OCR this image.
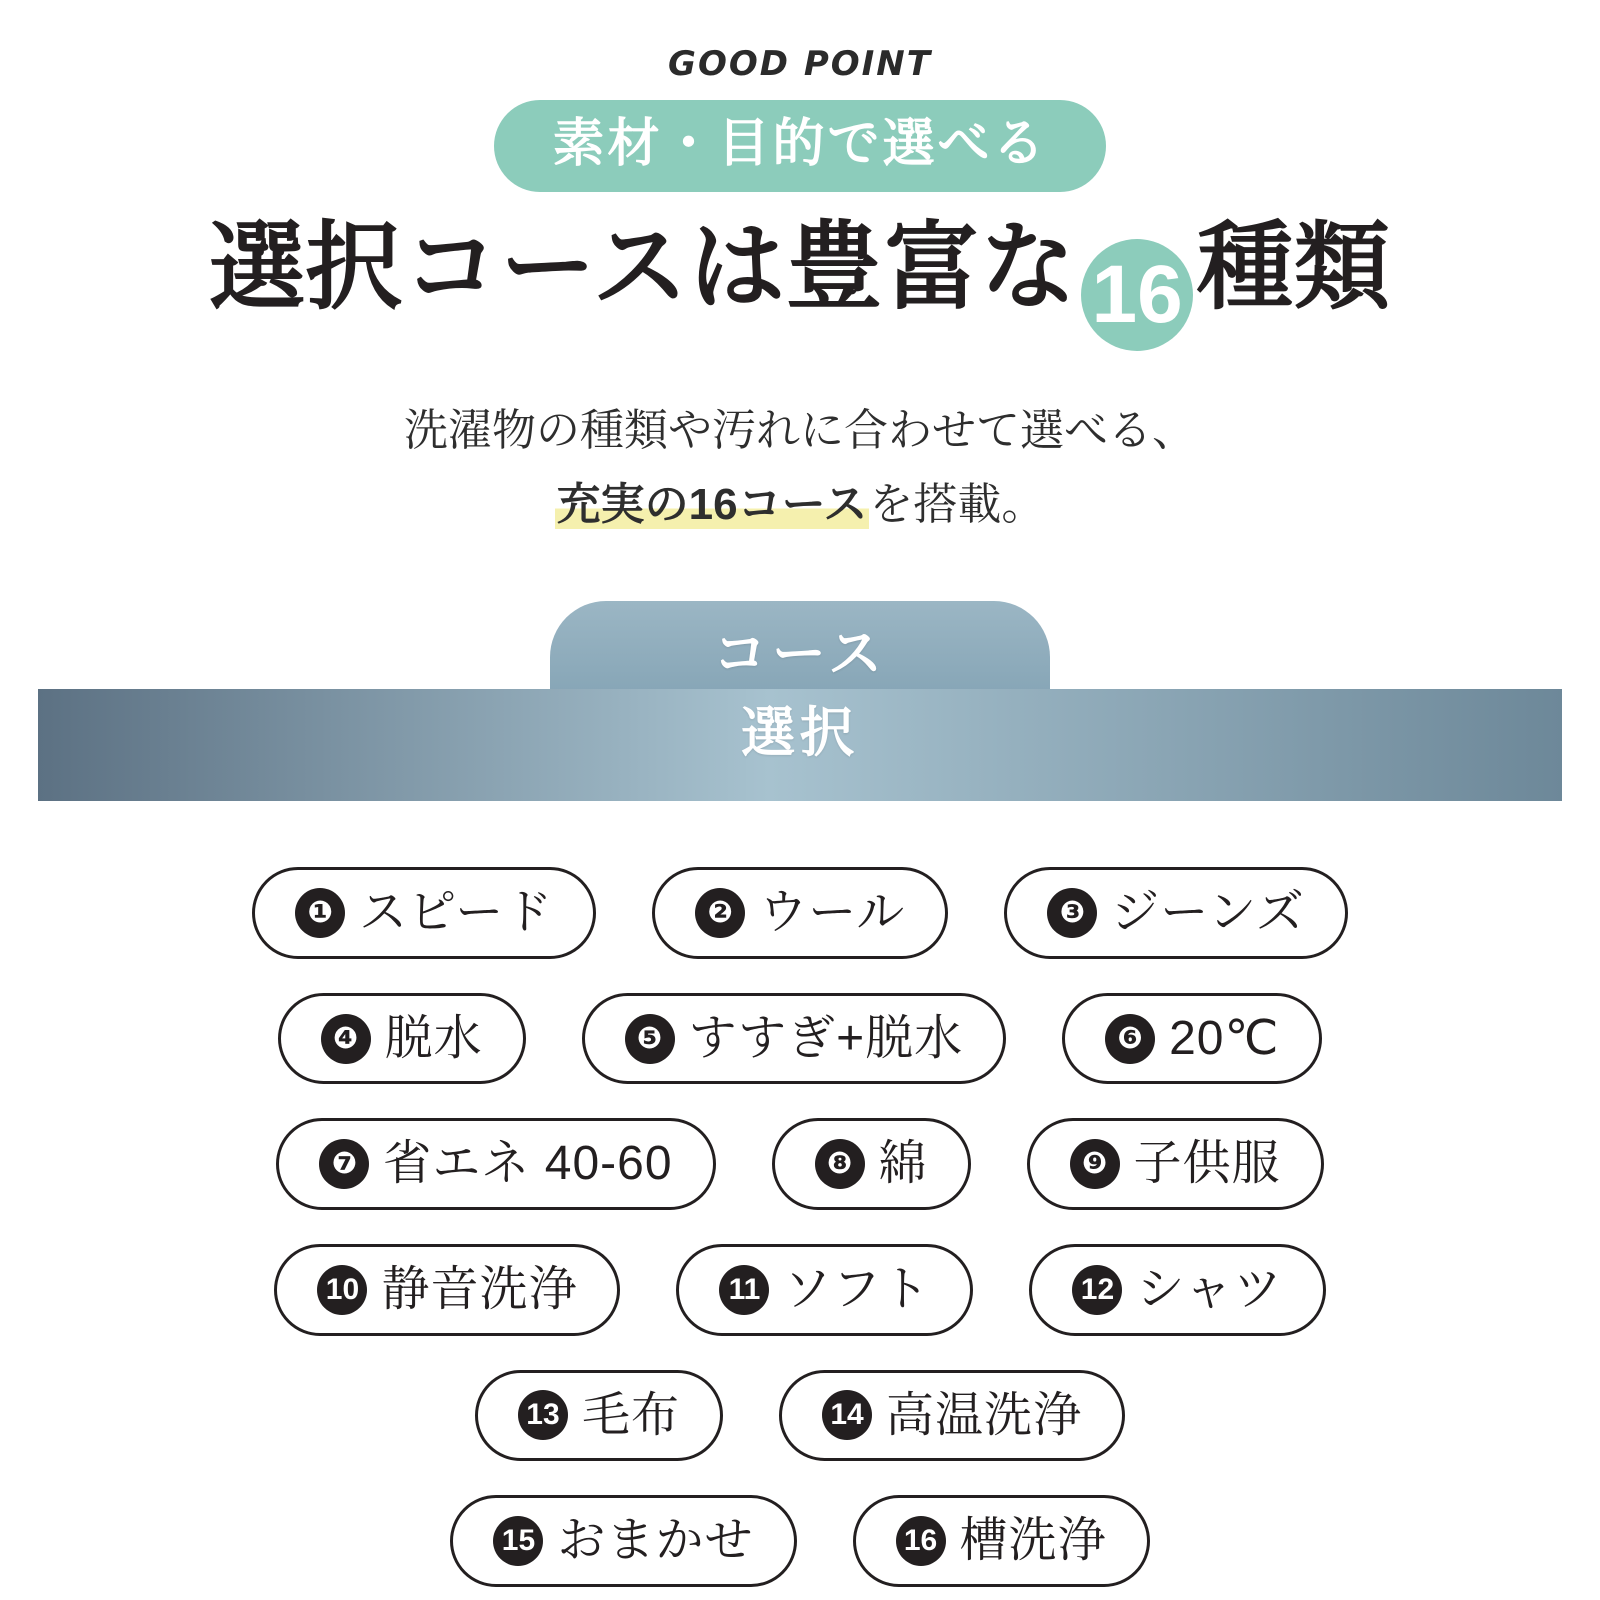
GOOD POINT
素材・目的で選べる
選択コースは豊富な 16 種類
洗濯物の種類や汚れに合わせて選べる、
充実の16コースを搭載。
コース
選択
❶ スピード	❷ ウール	❸ ジーンズ
❹ 脱水	❺ すすぎ+脱水	❻ 20℃
❼ 省エネ 40-60	❽ 綿	❾ 子供服
10 静音洗浄	11 ソフト	12 シャツ
13 毛布	14 高温洗浄
15 おまかせ	16 槽洗浄
